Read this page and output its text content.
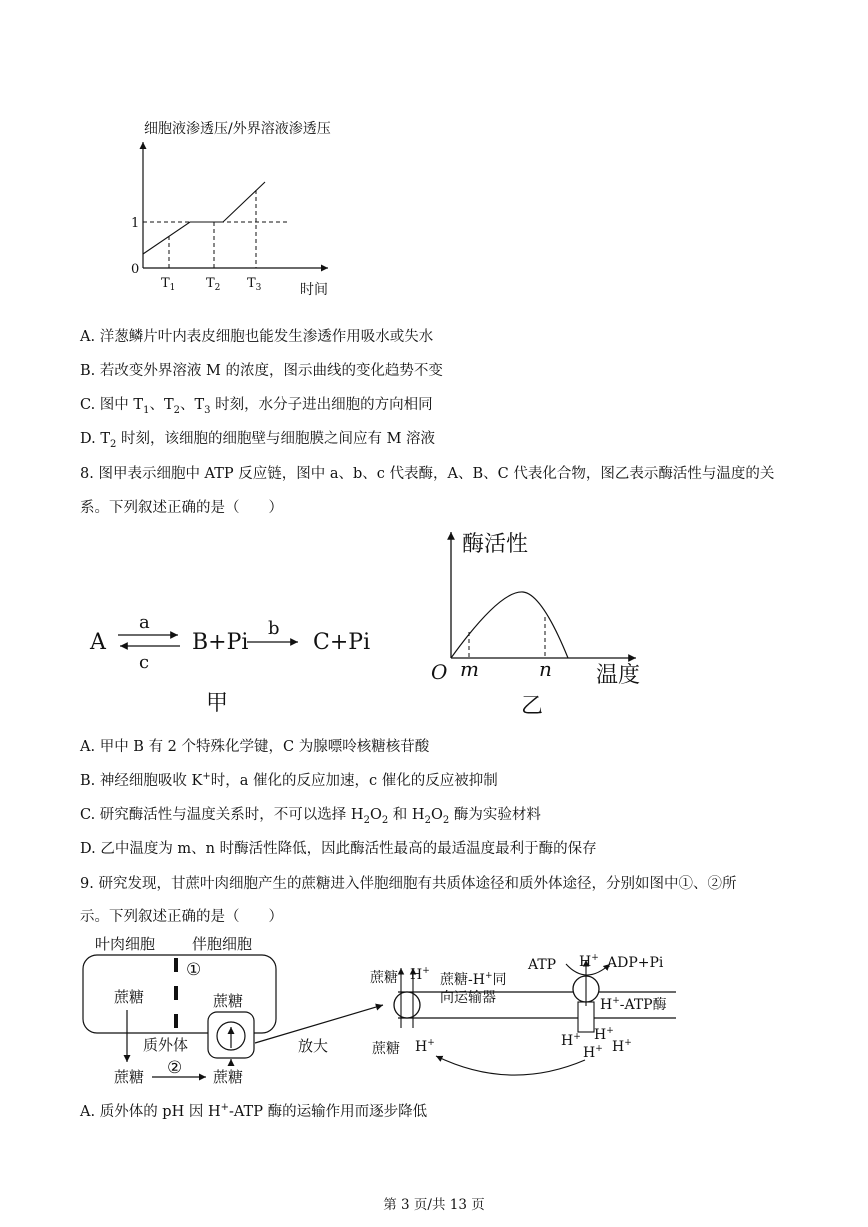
细胞液渗透压/外界溶液渗透压
1
0
$T_1$ $T_2$ $T_3$	时间
A. 洋葱鳞片叶内表皮细胞也能发生渗透作用吸水或失水
B. 若改变外界溶液 M 的浓度，图示曲线的变化趋势不变
C. 图中 $T_1$、$T_2$、$T_3$ 时刻，水分子进出细胞的方向相同
D. $T_2$ 时刻，该细胞的细胞壁与细胞膜之间应有 M 溶液
8. 图甲表示细胞中 ATP 反应链，图中 a、b、c 代表酶，A、B、C 代表化合物，图乙表示酶活性与温度的关
系。下列叙述正确的是（　　）
A
a
c
B+Pi
b
C+Pi
甲
酶活性
O m	n 温度
乙
A. 甲中 B 有 2 个特殊化学键，C 为腺嘌呤核糖核苷酸
B. 神经细胞吸收 K+时，a 催化的反应加速，c 催化的反应被抑制
C. 研究酶活性与温度关系时，不可以选择 $H_2O_2$ 和 $H_2O_2$ 酶为实验材料
D. 乙中温度为 m、n 时酶活性降低，因此酶活性最高的最适温度最利于酶的保存
9. 研究发现，甘蔗叶肉细胞产生的蔗糖进入伴胞细胞有共质体途径和质外体途径，分别如图中①、②所
示。下列叙述正确的是（　　）
叶肉细胞 伴胞细胞
①
蔗糖	蔗糖
质外体
蔗糖 ② 蔗糖
放大
蔗糖 H+
蔗糖-H+同
向运输器
蔗糖 H+
ATP H+ ADP+Pi
H+-ATP酶
H+
H+
H+ H+
A. 质外体的 pH 因 H+-ATP 酶的运输作用而逐步降低
第 3 页/共 13 页
